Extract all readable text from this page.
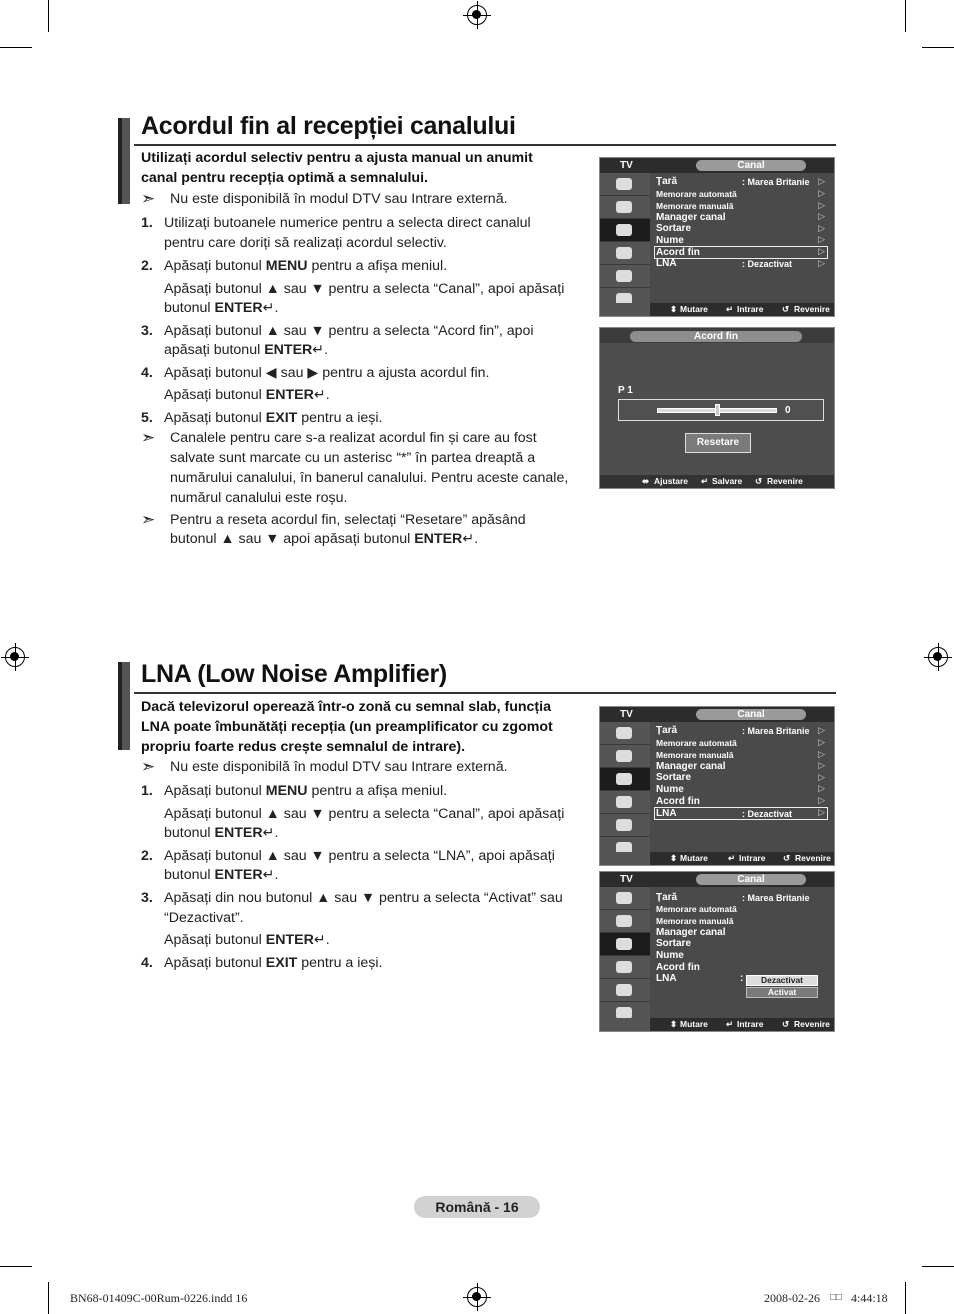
Acordul fin al recepției canalului
Utilizați acordul selectiv pentru a ajusta manual un anumit
canal pentru recepția optimă a semnalului.
➣ Nu este disponibilă în modul DTV sau Intrare externă.
1. Utilizați butoanele numerice pentru a selecta direct canalul
pentru care doriți să realizați acordul selectiv.
2. Apăsați butonul MENU pentru a afișa meniul.
Apăsați butonul ▲ sau ▼ pentru a selecta “Canal”, apoi apăsați
butonul ENTER↵.
3. Apăsați butonul ▲ sau ▼ pentru a selecta “Acord fin”, apoi
apăsați butonul ENTER↵.
4. Apăsați butonul ◀ sau ▶ pentru a ajusta acordul fin.
Apăsați butonul ENTER↵.
5. Apăsați butonul EXIT pentru a ieși.
➣ Canalele pentru care s-a realizat acordul fin și care au fost
salvate sunt marcate cu un asterisc “*” în partea dreaptă a
numărului canalului, în banerul canalului. Pentru aceste canale,
numărul canalului este roșu.
➣ Pentru a reseta acordul fin, selectați “Resetare” apăsând
butonul ▲ sau ▼ apoi apăsați butonul ENTER↵.
TV	Canal
Țară	: Marea Britanie
Memorare automată
Memorare manuală
Manager canal
Sortare
Nume
Acord fin
LNA	: Dezactivat
▷
▷
▷
▷
▷
▷
▷
▷
⬍ Mutare ↵ Intrare ↺ Revenire
Acord fin
P 1
0
Resetare
⬌ Ajustare ↵ Salvare ↺ Revenire
LNA (Low Noise Amplifier)
Dacă televizorul operează într-o zonă cu semnal slab, funcția
LNA poate îmbunătăți recepția (un preamplificator cu zgomot
propriu foarte redus crește semnalul de intrare).
➣ Nu este disponibilă în modul DTV sau Intrare externă.
1. Apăsați butonul MENU pentru a afișa meniul.
Apăsați butonul ▲ sau ▼ pentru a selecta “Canal”, apoi apăsați
butonul ENTER↵.
2. Apăsați butonul ▲ sau ▼ pentru a selecta “LNA”, apoi apăsați
butonul ENTER↵.
3. Apăsați din nou butonul ▲ sau ▼ pentru a selecta “Activat” sau
“Dezactivat”.
Apăsați butonul ENTER↵.
4. Apăsați butonul EXIT pentru a ieși.
TV	Canal
Țară	: Marea Britanie
Memorare automată
Memorare manuală
Manager canal
Sortare
Nume
Acord fin
LNA	: Dezactivat
▷
▷
▷
▷
▷
▷
▷
▷
⬍ Mutare ↵ Intrare ↺ Revenire
TV	Canal
Țară	: Marea Britanie
Memorare automată
Memorare manuală
Manager canal
Sortare
Nume
Acord fin
LNA	:	Dezactivat
Activat
⬍ Mutare ↵ Intrare ↺ Revenire
Română - 16
BN68-01409C-00Rum-0226.indd 16	2008-02-26 □□ 4:44:18
